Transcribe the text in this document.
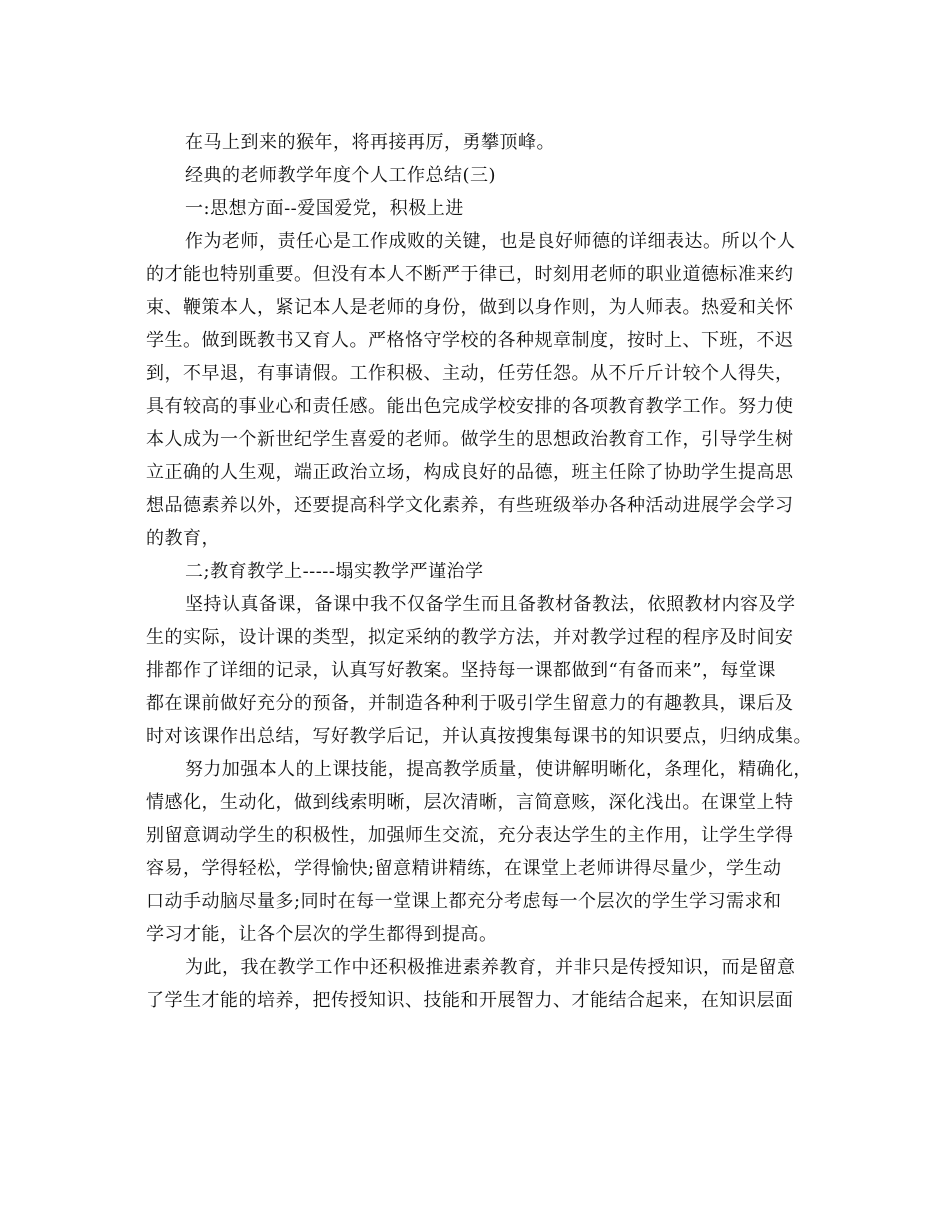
在马上到来的猴年，将再接再厉，勇攀顶峰。
经典的老师教学年度个人工作总结(三)
一:思想方面--爱国爱党，积极上进
作为老师，责任心是工作成败的关键，也是良好师德的详细表达。所以个人
的才能也特别重要。但没有本人不断严于律已，时刻用老师的职业道德标准来约
束、鞭策本人，紧记本人是老师的身份，做到以身作则，为人师表。热爱和关怀
学生。做到既教书又育人。严格恪守学校的各种规章制度，按时上、下班，不迟
到，不早退，有事请假。工作积极、主动，任劳任怨。从不斤斤计较个人得失，
具有较高的事业心和责任感。能出色完成学校安排的各项教育教学工作。努力使
本人成为一个新世纪学生喜爱的老师。做学生的思想政治教育工作，引导学生树
立正确的人生观，端正政治立场，构成良好的品德，班主任除了协助学生提高思
想品德素养以外，还要提高科学文化素养，有些班级举办各种活动进展学会学习
的教育，
二;教育教学上-----塌实教学严谨治学
坚持认真备课，备课中我不仅备学生而且备教材备教法，依照教材内容及学
生的实际，设计课的类型，拟定采纳的教学方法，并对教学过程的程序及时间安
排都作了详细的记录，认真写好教案。坚持每一课都做到“有备而来”，每堂课
都在课前做好充分的预备，并制造各种利于吸引学生留意力的有趣教具，课后及
时对该课作出总结，写好教学后记，并认真按搜集每课书的知识要点，归纳成集。
努力加强本人的上课技能，提高教学质量，使讲解明晰化，条理化，精确化，
情感化，生动化，做到线索明晰，层次清晰，言简意赅，深化浅出。在课堂上特
别留意调动学生的积极性，加强师生交流，充分表达学生的主作用，让学生学得
容易，学得轻松，学得愉快;留意精讲精练，在课堂上老师讲得尽量少，学生动
口动手动脑尽量多;同时在每一堂课上都充分考虑每一个层次的学生学习需求和
学习才能，让各个层次的学生都得到提高。
为此，我在教学工作中还积极推进素养教育，并非只是传授知识，而是留意
了学生才能的培养，把传授知识、技能和开展智力、才能结合起来，在知识层面
